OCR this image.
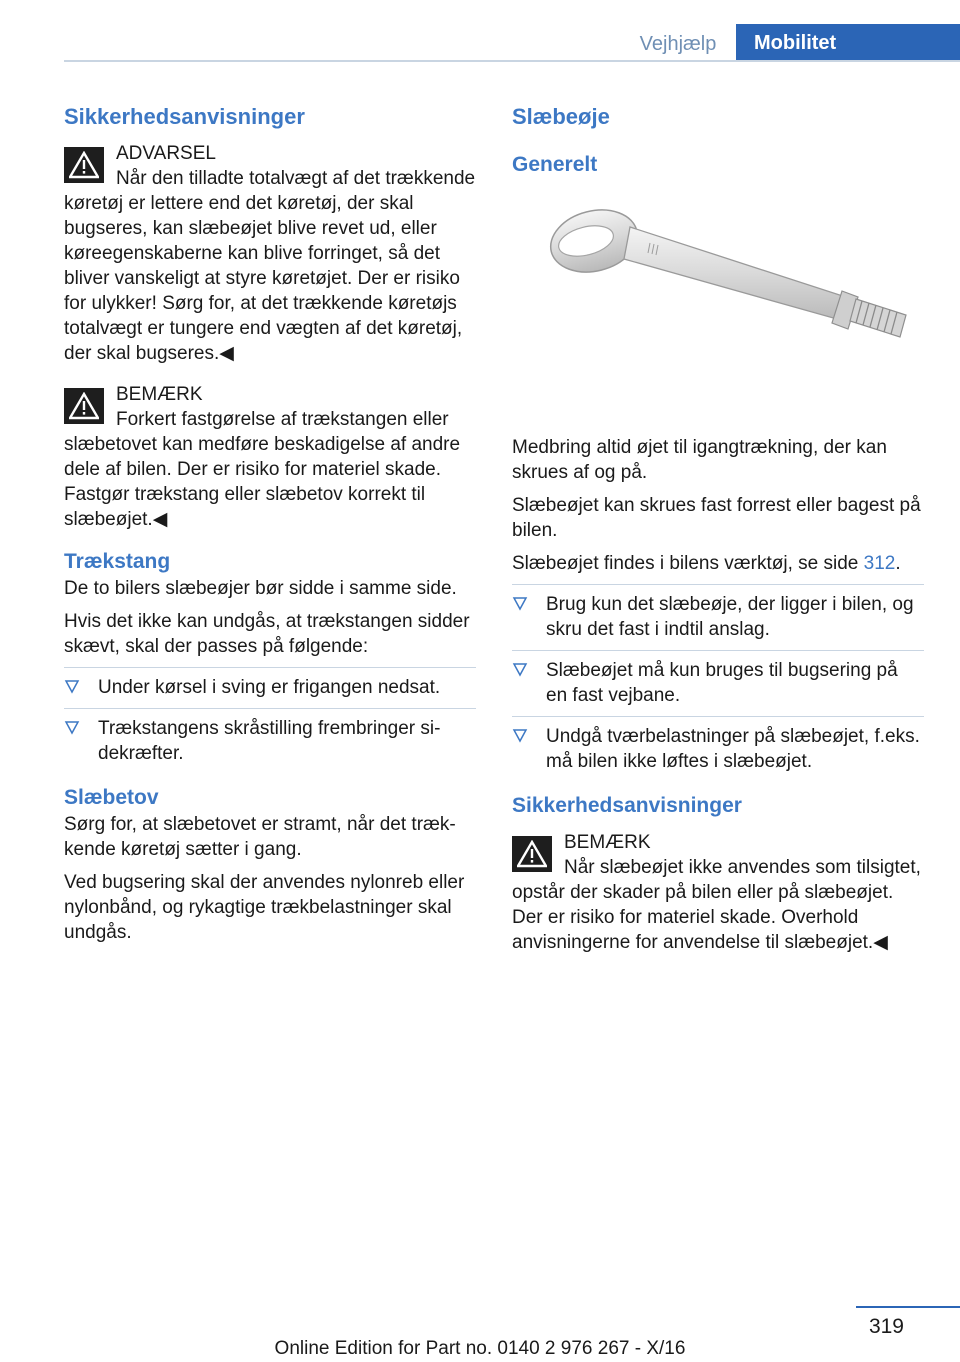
Vejhjælp	Mobilitet
Sikkerhedsanvisninger
ADVARSEL
Når den tilladte totalvægt af det trækkende køretøj er lettere end det køretøj, der skal bugseres, kan slæbeøjet blive revet ud, eller køreegenskaberne kan blive forringet, så det bliver vanskeligt at styre køretøjet. Der er risiko for ulykker! Sørg for, at det trækkende køretøjs totalvægt er tungere end vægten af det køretøj, der skal bugseres.◀
BEMÆRK
Forkert fastgørelse af trækstangen eller slæbetovet kan medføre beskadigelse af andre dele af bilen. Der er risiko for materiel skade. Fastgør trækstang eller slæbetov korrekt til slæbeøjet.◀
Trækstang

De to bilers slæbeøjer bør sidde i samme side.

Hvis det ikke kan undgås, at trækstangen sidder skævt, skal der passes på følgende:

Under kørsel i sving er frigangen nedsat.
Trækstangens skråstilling frembringer sidekræfter.
Slæbetov

Sørg for, at slæbetovet er stramt, når det trækkende køretøj sætter i gang.

Ved bugsering skal der anvendes nylonreb eller nylonbånd, og rykagtige trækbelastninger skal undgås.

Slæbeøje
Generelt

Medbring altid øjet til igangtrækning, der kan skrues af og på.

Slæbeøjet kan skrues fast forrest eller bagest på bilen.

Slæbeøjet findes i bilens værktøj, se side 312.

Brug kun det slæbeøje, der ligger i bilen, og skru det fast i indtil anslag.
Slæbeøjet må kun bruges til bugsering på en fast vejbane.
Undgå tværbelastninger på slæbeøjet, f.eks. må bilen ikke løftes i slæbeøjet.
Sikkerhedsanvisninger
BEMÆRK
Når slæbeøjet ikke anvendes som tilsigtet, opstår der skader på bilen eller på slæbeøjet. Der er risiko for materiel skade. Overhold anvisningerne for anvendelse til slæbeøjet.◀
319
Online Edition for Part no. 0140 2 976 267 - X/16
